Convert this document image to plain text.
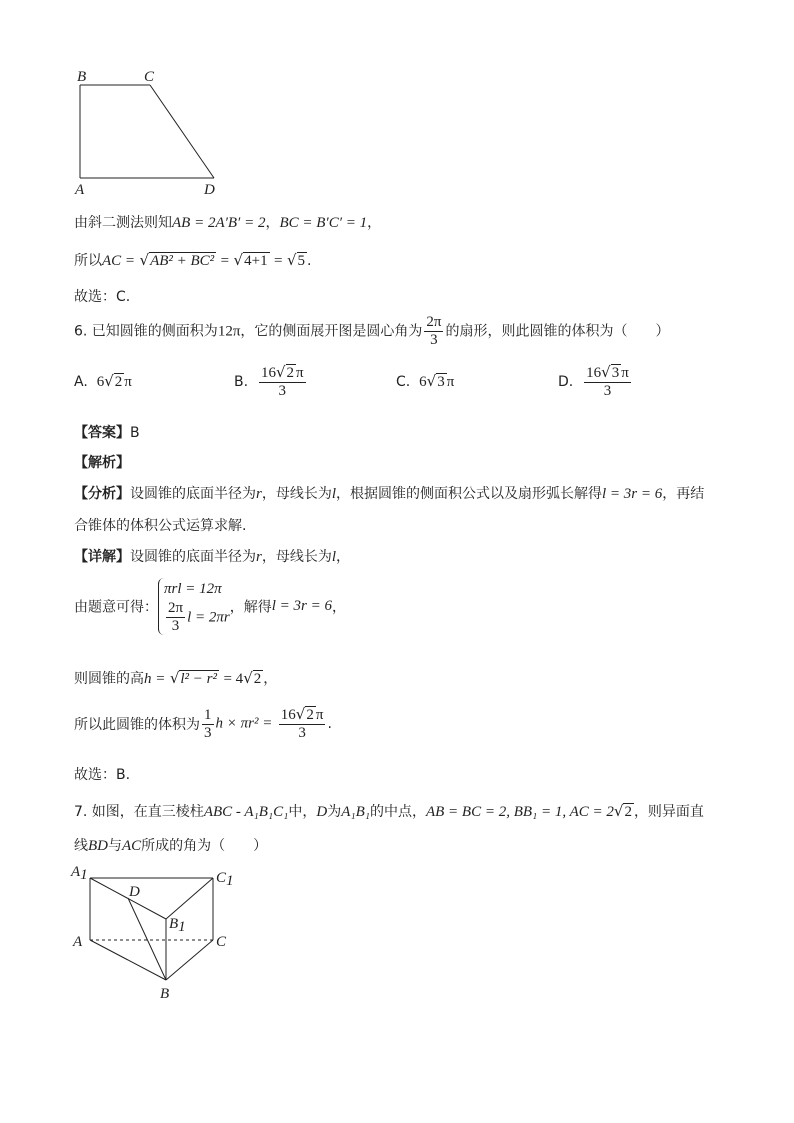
B	C
A	D
由斜二测法则知AB = 2A′B′ = 2，BC = B′C′ = 1，
所以AC = √AB² + BC² = √4+1 = √5 .
故选：C.
6. 已知圆锥的侧面积为12π，它的侧面展开图是圆心角为 $\frac{2\pi}{3}$ 的扇形，则此圆锥的体积为（　　）
A. 6√2 π	B. $\frac{16√2 \pi}{3}$	C. 6√3 π	D. $\frac{16√3 \pi}{3}$
【答案】B
【解析】
【分析】设圆锥的底面半径为r，母线长为l，根据圆锥的侧面积公式以及扇形弧长解得l = 3r = 6，再结
合锥体的体积公式运算求解.
【详解】设圆锥的底面半径为r，母线长为l，
由题意可得：
πrl = 12π
$\frac{2\pi}{3}$ l = 2πr
，解得l = 3r = 6，
则圆锥的高h = √l² − r² = 4√2 ，
所以此圆锥的体积为 $\frac{1}{3}$ $h \times \pi r^2 = \frac{16√2 \pi}{3}$ .
故选：B.
7. 如图，在直三棱柱ABC - A₁B₁C₁中，D为A₁B₁的中点，AB = BC = 2, BB₁ = 1, AC = 2√2 ，则异面直
线BD与AC所成的角为（　　）
A1	C1
D
B1
A	C
B
